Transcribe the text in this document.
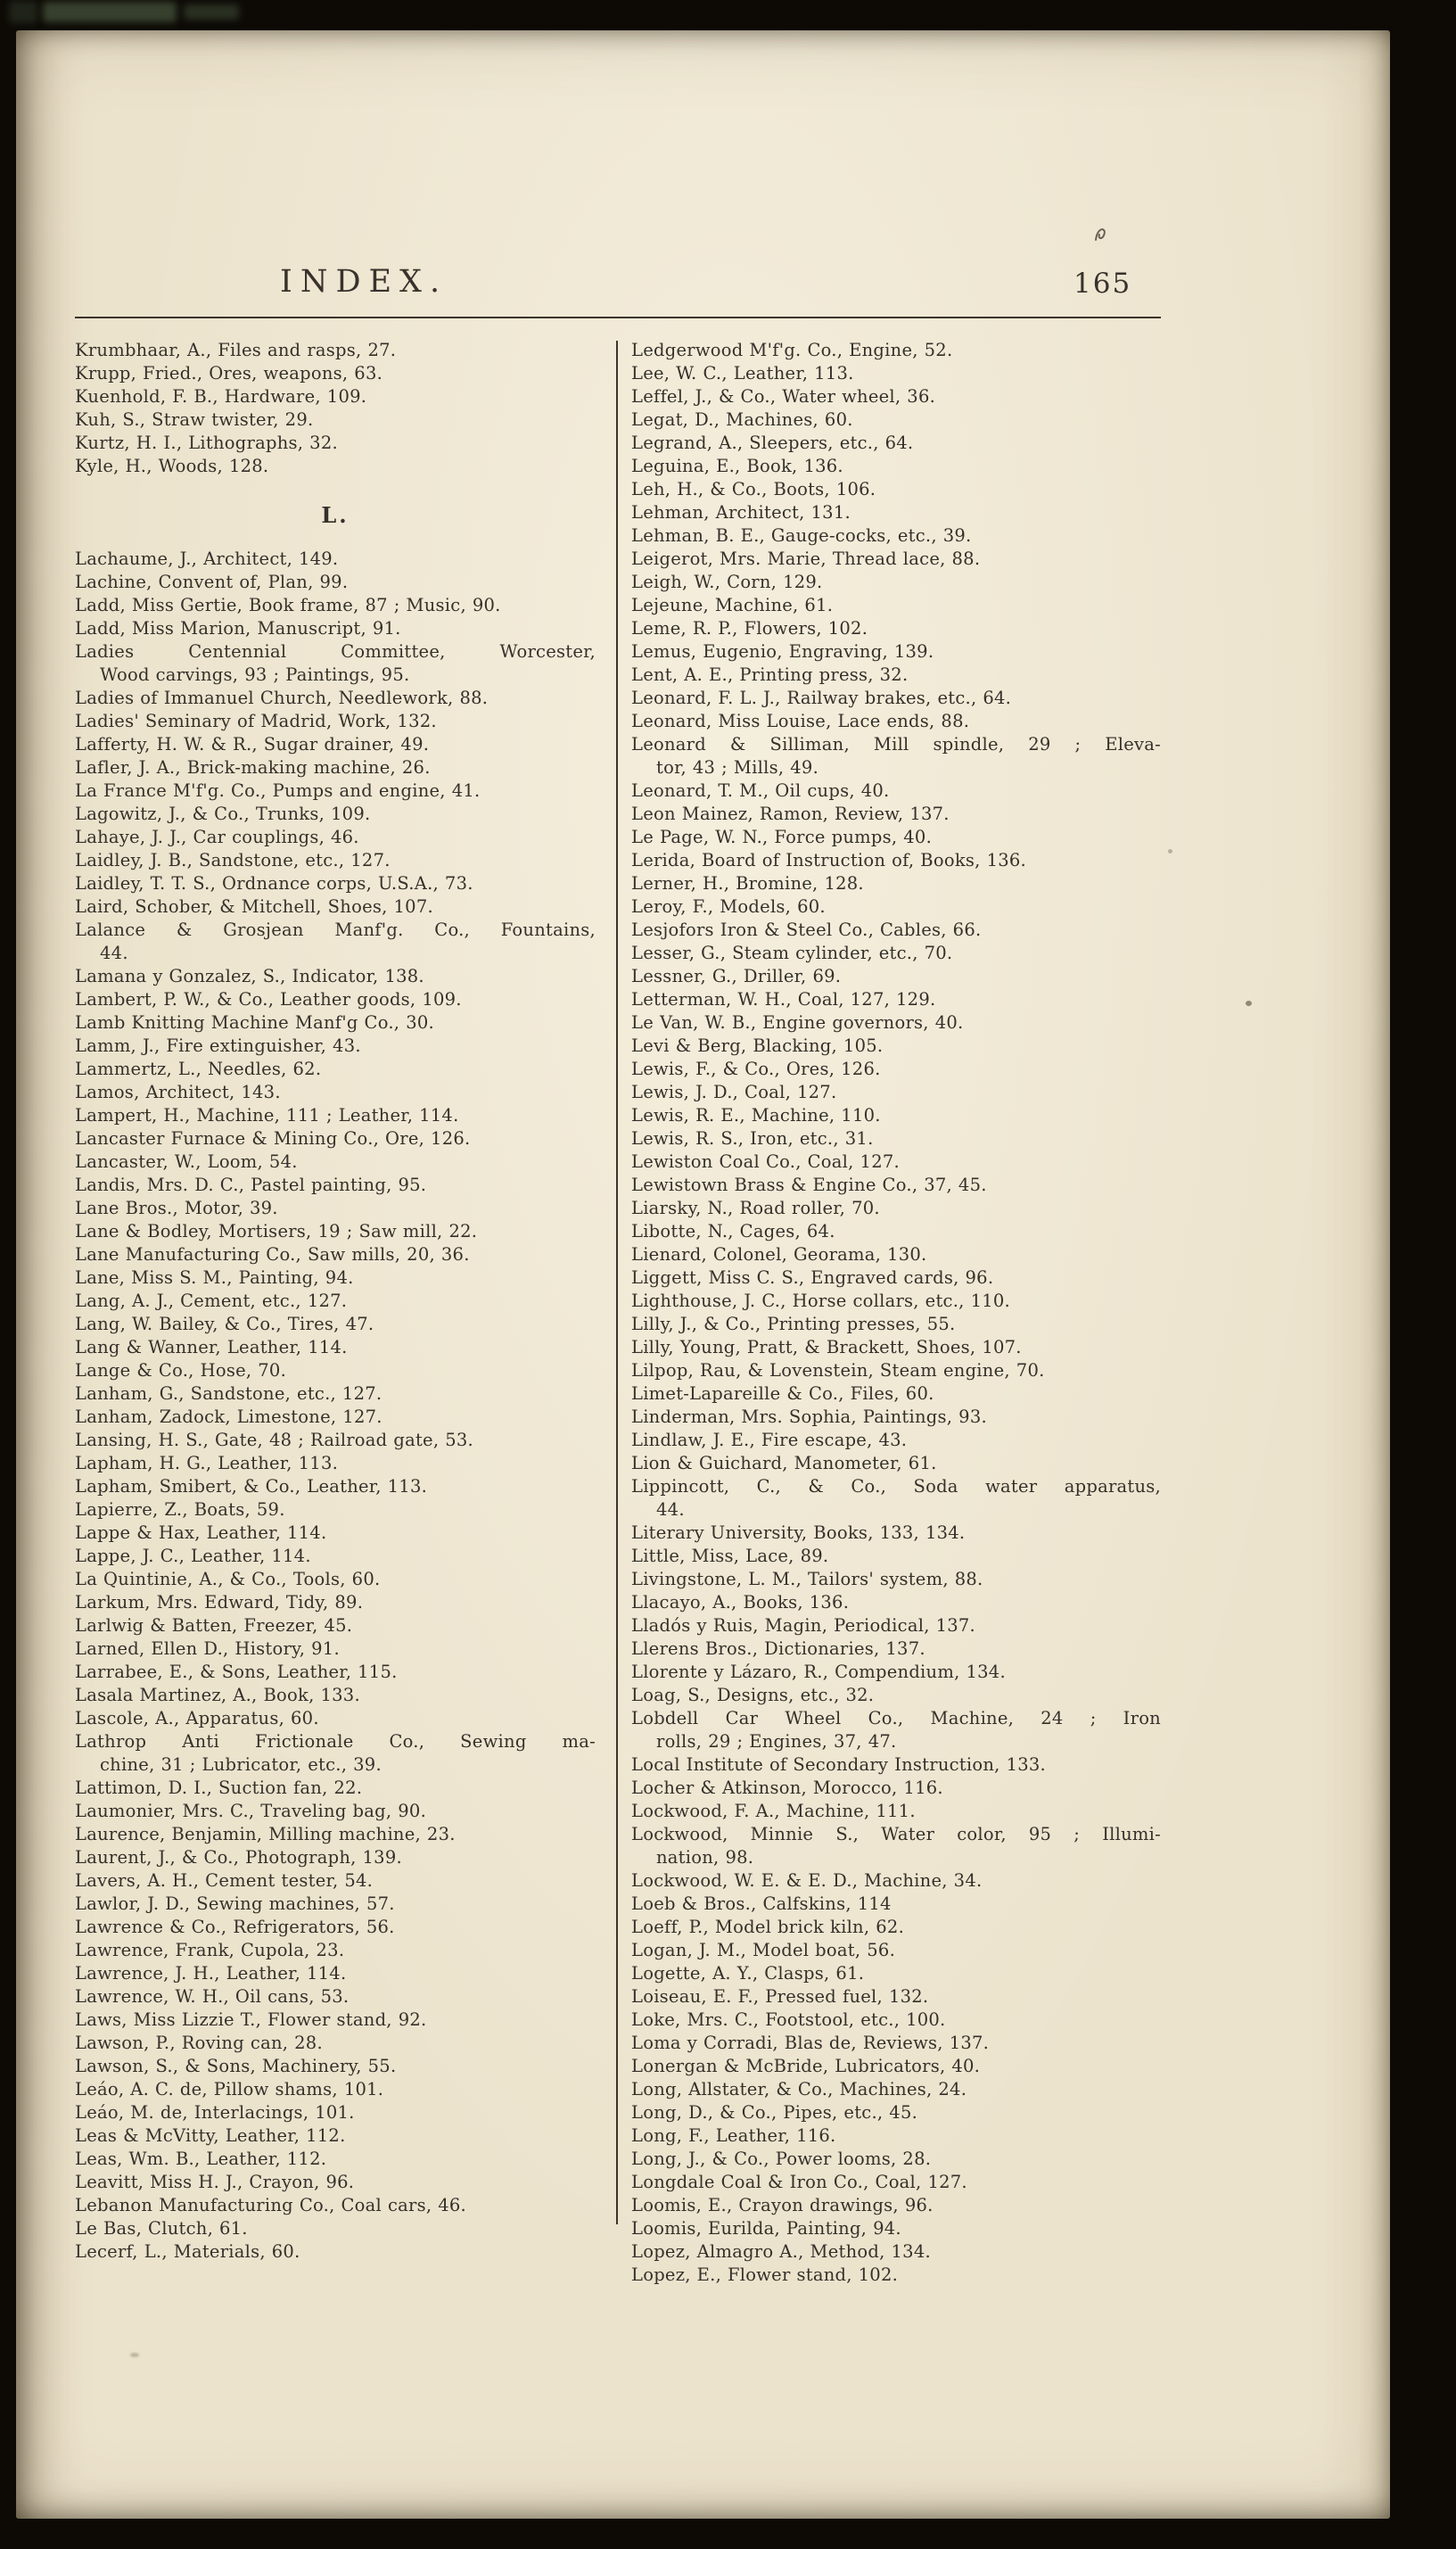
INDEX.	165
Krumbhaar, A., Files and rasps, 27.
Krupp, Fried., Ores, weapons, 63.
Kuenhold, F. B., Hardware, 109.
Kuh, S., Straw twister, 29.
Kurtz, H. I., Lithographs, 32.
Kyle, H., Woods, 128.
L.
Lachaume, J., Architect, 149.
Lachine, Convent of, Plan, 99.
Ladd, Miss Gertie, Book frame, 87 ; Music, 90.
Ladd, Miss Marion, Manuscript, 91.
Ladies Centennial Committee, Worcester,
Wood carvings, 93 ; Paintings, 95.
Ladies of Immanuel Church, Needlework, 88.
Ladies' Seminary of Madrid, Work, 132.
Lafferty, H. W. & R., Sugar drainer, 49.
Lafler, J. A., Brick-making machine, 26.
La France M'f'g. Co., Pumps and engine, 41.
Lagowitz, J., & Co., Trunks, 109.
Lahaye, J. J., Car couplings, 46.
Laidley, J. B., Sandstone, etc., 127.
Laidley, T. T. S., Ordnance corps, U.S.A., 73.
Laird, Schober, & Mitchell, Shoes, 107.
Lalance & Grosjean Manf'g. Co., Fountains,
44.
Lamana y Gonzalez, S., Indicator, 138.
Lambert, P. W., & Co., Leather goods, 109.
Lamb Knitting Machine Manf'g Co., 30.
Lamm, J., Fire extinguisher, 43.
Lammertz, L., Needles, 62.
Lamos, Architect, 143.
Lampert, H., Machine, 111 ; Leather, 114.
Lancaster Furnace & Mining Co., Ore, 126.
Lancaster, W., Loom, 54.
Landis, Mrs. D. C., Pastel painting, 95.
Lane Bros., Motor, 39.
Lane & Bodley, Mortisers, 19 ; Saw mill, 22.
Lane Manufacturing Co., Saw mills, 20, 36.
Lane, Miss S. M., Painting, 94.
Lang, A. J., Cement, etc., 127.
Lang, W. Bailey, & Co., Tires, 47.
Lang & Wanner, Leather, 114.
Lange & Co., Hose, 70.
Lanham, G., Sandstone, etc., 127.
Lanham, Zadock, Limestone, 127.
Lansing, H. S., Gate, 48 ; Railroad gate, 53.
Lapham, H. G., Leather, 113.
Lapham, Smibert, & Co., Leather, 113.
Lapierre, Z., Boats, 59.
Lappe & Hax, Leather, 114.
Lappe, J. C., Leather, 114.
La Quintinie, A., & Co., Tools, 60.
Larkum, Mrs. Edward, Tidy, 89.
Larlwig & Batten, Freezer, 45.
Larned, Ellen D., History, 91.
Larrabee, E., & Sons, Leather, 115.
Lasala Martinez, A., Book, 133.
Lascole, A., Apparatus, 60.
Lathrop Anti Frictionale Co., Sewing ma-
chine, 31 ; Lubricator, etc., 39.
Lattimon, D. I., Suction fan, 22.
Laumonier, Mrs. C., Traveling bag, 90.
Laurence, Benjamin, Milling machine, 23.
Laurent, J., & Co., Photograph, 139.
Lavers, A. H., Cement tester, 54.
Lawlor, J. D., Sewing machines, 57.
Lawrence & Co., Refrigerators, 56.
Lawrence, Frank, Cupola, 23.
Lawrence, J. H., Leather, 114.
Lawrence, W. H., Oil cans, 53.
Laws, Miss Lizzie T., Flower stand, 92.
Lawson, P., Roving can, 28.
Lawson, S., & Sons, Machinery, 55.
Leáo, A. C. de, Pillow shams, 101.
Leáo, M. de, Interlacings, 101.
Leas & McVitty, Leather, 112.
Leas, Wm. B., Leather, 112.
Leavitt, Miss H. J., Crayon, 96.
Lebanon Manufacturing Co., Coal cars, 46.
Le Bas, Clutch, 61.
Lecerf, L., Materials, 60.
Ledgerwood M'f'g. Co., Engine, 52.
Lee, W. C., Leather, 113.
Leffel, J., & Co., Water wheel, 36.
Legat, D., Machines, 60.
Legrand, A., Sleepers, etc., 64.
Leguina, E., Book, 136.
Leh, H., & Co., Boots, 106.
Lehman, Architect, 131.
Lehman, B. E., Gauge-cocks, etc., 39.
Leigerot, Mrs. Marie, Thread lace, 88.
Leigh, W., Corn, 129.
Lejeune, Machine, 61.
Leme, R. P., Flowers, 102.
Lemus, Eugenio, Engraving, 139.
Lent, A. E., Printing press, 32.
Leonard, F. L. J., Railway brakes, etc., 64.
Leonard, Miss Louise, Lace ends, 88.
Leonard & Silliman, Mill spindle, 29 ; Eleva-
tor, 43 ; Mills, 49.
Leonard, T. M., Oil cups, 40.
Leon Mainez, Ramon, Review, 137.
Le Page, W. N., Force pumps, 40.
Lerida, Board of Instruction of, Books, 136.
Lerner, H., Bromine, 128.
Leroy, F., Models, 60.
Lesjofors Iron & Steel Co., Cables, 66.
Lesser, G., Steam cylinder, etc., 70.
Lessner, G., Driller, 69.
Letterman, W. H., Coal, 127, 129.
Le Van, W. B., Engine governors, 40.
Levi & Berg, Blacking, 105.
Lewis, F., & Co., Ores, 126.
Lewis, J. D., Coal, 127.
Lewis, R. E., Machine, 110.
Lewis, R. S., Iron, etc., 31.
Lewiston Coal Co., Coal, 127.
Lewistown Brass & Engine Co., 37, 45.
Liarsky, N., Road roller, 70.
Libotte, N., Cages, 64.
Lienard, Colonel, Georama, 130.
Liggett, Miss C. S., Engraved cards, 96.
Lighthouse, J. C., Horse collars, etc., 110.
Lilly, J., & Co., Printing presses, 55.
Lilly, Young, Pratt, & Brackett, Shoes, 107.
Lilpop, Rau, & Lovenstein, Steam engine, 70.
Limet-Lapareille & Co., Files, 60.
Linderman, Mrs. Sophia, Paintings, 93.
Lindlaw, J. E., Fire escape, 43.
Lion & Guichard, Manometer, 61.
Lippincott, C., & Co., Soda water apparatus,
44.
Literary University, Books, 133, 134.
Little, Miss, Lace, 89.
Livingstone, L. M., Tailors' system, 88.
Llacayo, A., Books, 136.
Lladós y Ruis, Magin, Periodical, 137.
Llerens Bros., Dictionaries, 137.
Llorente y Lázaro, R., Compendium, 134.
Loag, S., Designs, etc., 32.
Lobdell Car Wheel Co., Machine, 24 ; Iron
rolls, 29 ; Engines, 37, 47.
Local Institute of Secondary Instruction, 133.
Locher & Atkinson, Morocco, 116.
Lockwood, F. A., Machine, 111.
Lockwood, Minnie S., Water color, 95 ; Illumi-
nation, 98.
Lockwood, W. E. & E. D., Machine, 34.
Loeb & Bros., Calfskins, 114
Loeff, P., Model brick kiln, 62.
Logan, J. M., Model boat, 56.
Logette, A. Y., Clasps, 61.
Loiseau, E. F., Pressed fuel, 132.
Loke, Mrs. C., Footstool, etc., 100.
Loma y Corradi, Blas de, Reviews, 137.
Lonergan & McBride, Lubricators, 40.
Long, Allstater, & Co., Machines, 24.
Long, D., & Co., Pipes, etc., 45.
Long, F., Leather, 116.
Long, J., & Co., Power looms, 28.
Longdale Coal & Iron Co., Coal, 127.
Loomis, E., Crayon drawings, 96.
Loomis, Eurilda, Painting, 94.
Lopez, Almagro A., Method, 134.
Lopez, E., Flower stand, 102.
